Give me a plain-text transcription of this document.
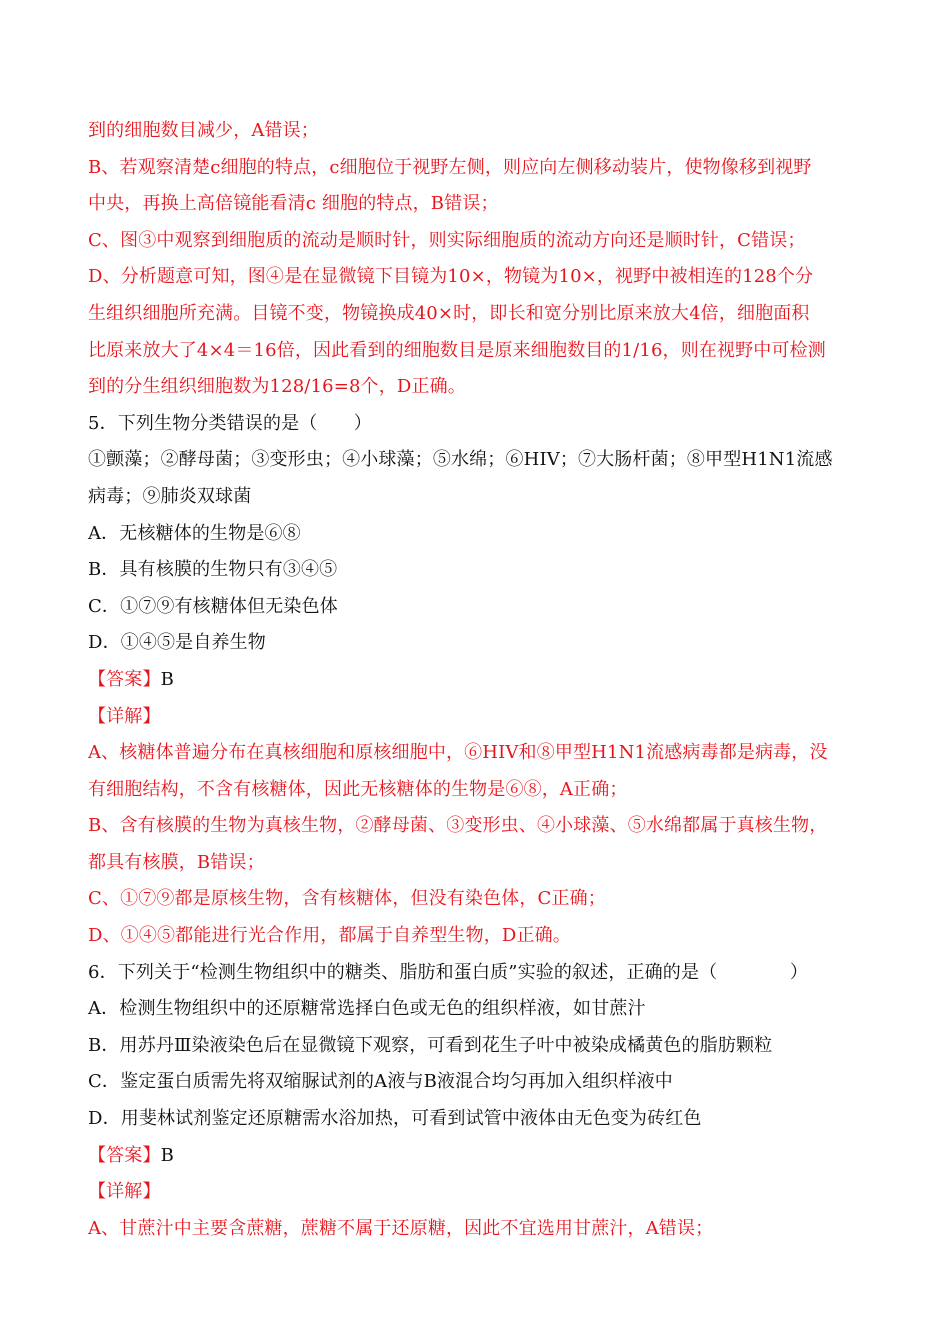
到的细胞数目减少，A错误；
B、若观察清楚c细胞的特点，c细胞位于视野左侧，则应向左侧移动装片，使物像移到视野
中央，再换上高倍镜能看清c 细胞的特点，B错误；
C、图③中观察到细胞质的流动是顺时针，则实际细胞质的流动方向还是顺时针，C错误；
D、分析题意可知，图④是在显微镜下目镜为10×，物镜为10×，视野中被相连的128个分
生组织细胞所充满。目镜不变，物镜换成40×时，即长和宽分别比原来放大4倍，细胞面积
比原来放大了4×4＝16倍，因此看到的细胞数目是原来细胞数目的1/16，则在视野中可检测
到的分生组织细胞数为128/16=8个，D正确。
5．下列生物分类错误的是（　　）
①颤藻；②酵母菌；③变形虫；④小球藻；⑤水绵；⑥HIV；⑦大肠杆菌；⑧甲型H1N1流感
病毒；⑨肺炎双球菌
A．无核糖体的生物是⑥⑧
B．具有核膜的生物只有③④⑤
C．①⑦⑨有核糖体但无染色体
D．①④⑤是自养生物
【答案】B
【详解】
A、核糖体普遍分布在真核细胞和原核细胞中，⑥HIV和⑧甲型H1N1流感病毒都是病毒，没
有细胞结构，不含有核糖体，因此无核糖体的生物是⑥⑧，A正确；
B、含有核膜的生物为真核生物，②酵母菌、③变形虫、④小球藻、⑤水绵都属于真核生物，
都具有核膜，B错误；
C、①⑦⑨都是原核生物，含有核糖体，但没有染色体，C正确；
D、①④⑤都能进行光合作用，都属于自养型生物，D正确。
6．下列关于“检测生物组织中的糖类、脂肪和蛋白质”实验的叙述，正确的是（　　　　）
A．检测生物组织中的还原糖常选择白色或无色的组织样液，如甘蔗汁
B．用苏丹Ⅲ染液染色后在显微镜下观察，可看到花生子叶中被染成橘黄色的脂肪颗粒
C．鉴定蛋白质需先将双缩脲试剂的A液与B液混合均匀再加入组织样液中
D．用斐林试剂鉴定还原糖需水浴加热，可看到试管中液体由无色变为砖红色
【答案】B
【详解】
A、甘蔗汁中主要含蔗糖，蔗糖不属于还原糖，因此不宜选用甘蔗汁，A错误；
